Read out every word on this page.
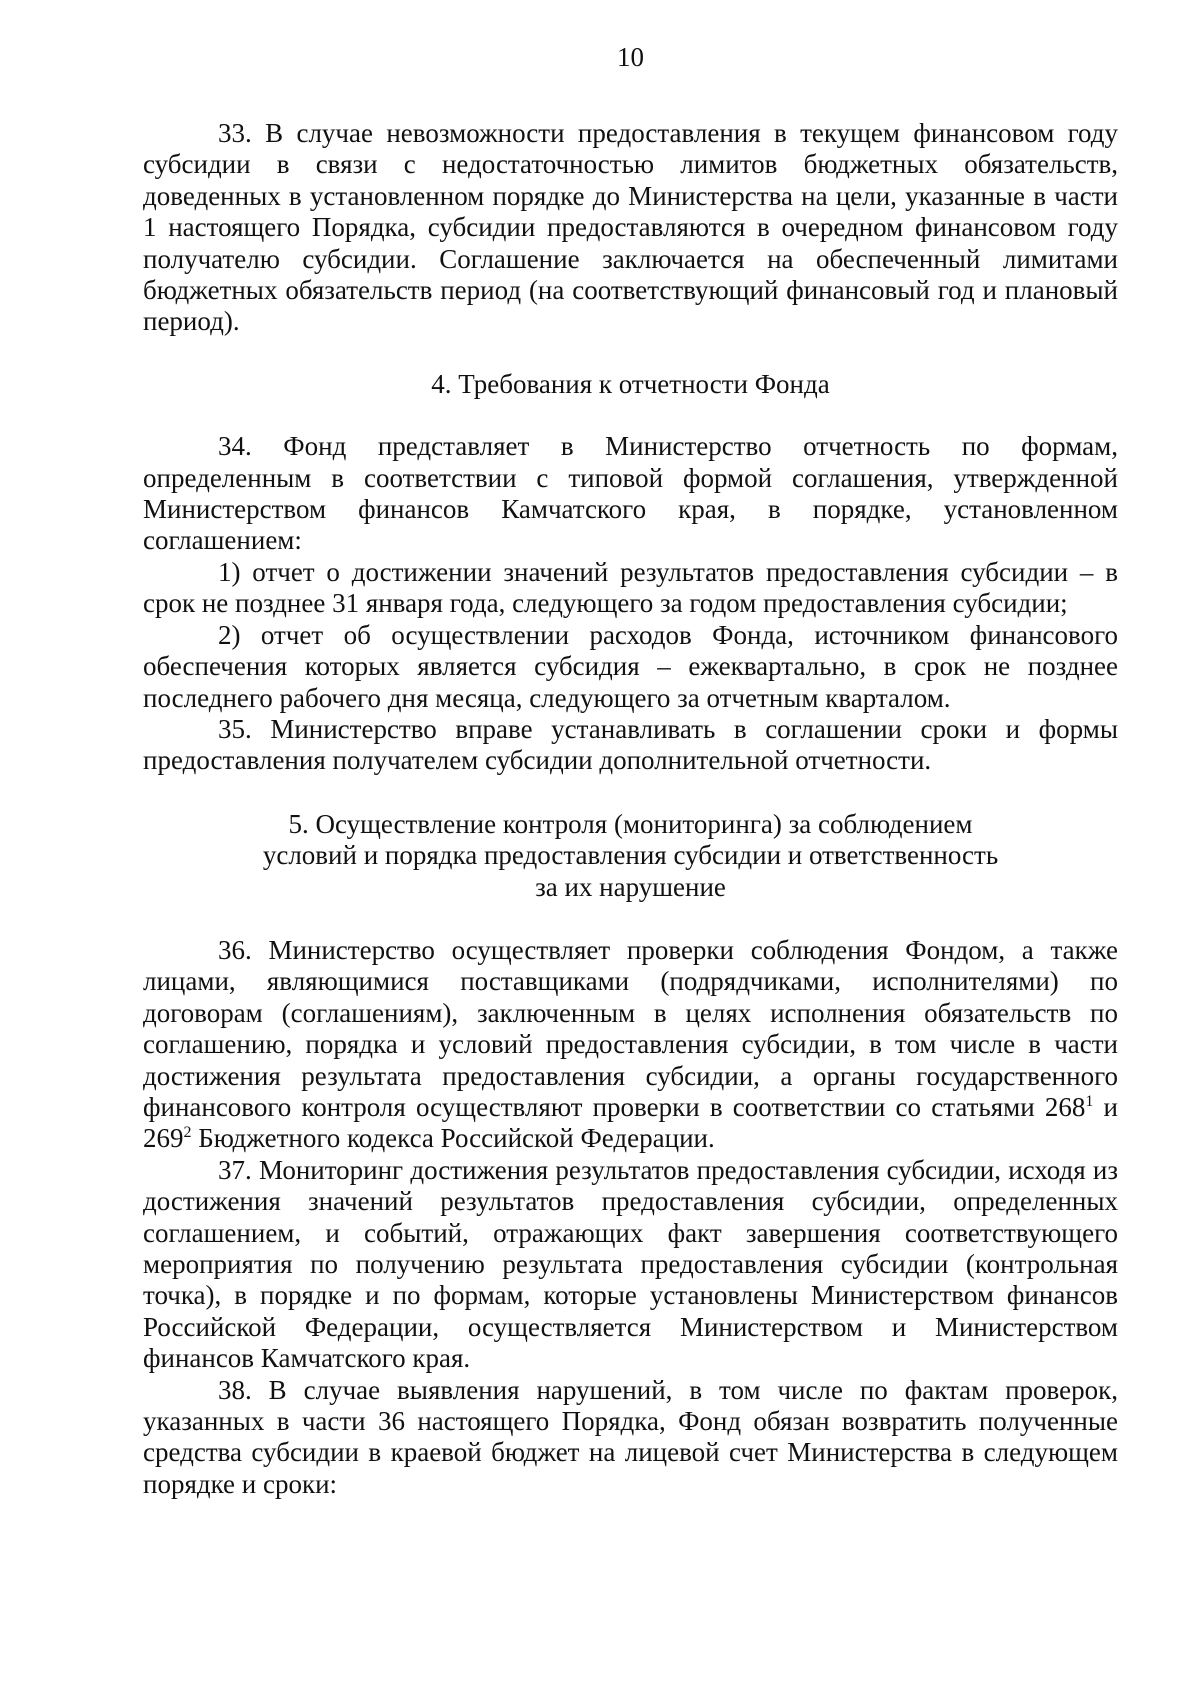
10

33. В случае невозможности предоставления в текущем финансовом году субсидии в связи с недостаточностью лимитов бюджетных обязательств, доведенных в установленном порядке до Министерства на цели, указанные в части 1 настоящего Порядка, субсидии предоставляются в очередном финансовом году получателю субсидии. Соглашение заключается на обеспеченный лимитами бюджетных обязательств период (на соответствующий финансовый год и плановый период).

4. Требования к отчетности Фонда

34. Фонд представляет в Министерство отчетность по формам, определенным в соответствии с типовой формой соглашения, утвержденной Министерством финансов Камчатского края, в порядке, установленном соглашением:

1) отчет о достижении значений результатов предоставления субсидии – в срок не позднее 31 января года, следующего за годом предоставления субсидии;

2) отчет об осуществлении расходов Фонда, источником финансового обеспечения которых является субсидия – ежеквартально, в срок не позднее последнего рабочего дня месяца, следующего за отчетным кварталом.

35. Министерство вправе устанавливать в соглашении сроки и формы предоставления получателем субсидии дополнительной отчетности.

5. Осуществление контроля (мониторинга) за соблюдением
условий и порядка предоставления субсидии и ответственность
за их нарушение

36. Министерство осуществляет проверки соблюдения Фондом, а также лицами, являющимися поставщиками (подрядчиками, исполнителями) по договорам (соглашениям), заключенным в целях исполнения обязательств по соглашению, порядка и условий предоставления субсидии, в том числе в части достижения результата предоставления субсидии, а органы государственного финансового контроля осуществляют проверки в соответствии со статьями $268^1$ и $269^2$ Бюджетного кодекса Российской Федерации.

37. Мониторинг достижения результатов предоставления субсидии, исходя из достижения значений результатов предоставления субсидии, определенных соглашением, и событий, отражающих факт завершения соответствующего мероприятия по получению результата предоставления субсидии (контрольная точка), в порядке и по формам, которые установлены Министерством финансов Российской Федерации, осуществляется Министерством и Министерством финансов Камчатского края.

38. В случае выявления нарушений, в том числе по фактам проверок, указанных в части 36 настоящего Порядка, Фонд обязан возвратить полученные средства субсидии в краевой бюджет на лицевой счет Министерства в следующем порядке и сроки:
